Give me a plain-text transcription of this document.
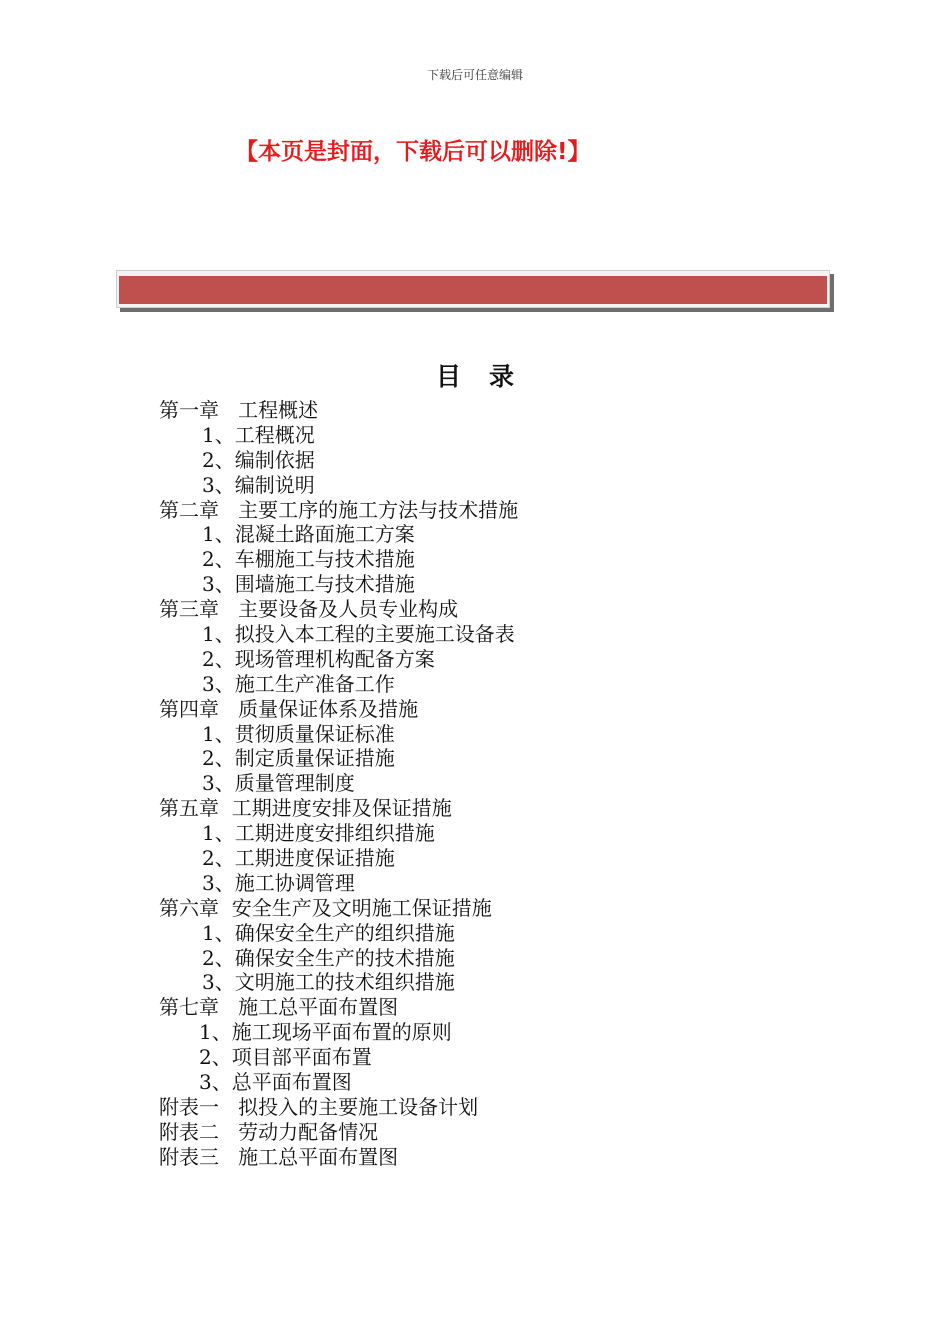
下载后可任意编辑
【本页是封面，下载后可以删除!】
目录
第一章   工程概述
1、工程概况
2、编制依据
3、编制说明
第二章   主要工序的施工方法与技术措施
1、混凝土路面施工方案
2、车棚施工与技术措施
3、围墙施工与技术措施
第三章   主要设备及人员专业构成
1、拟投入本工程的主要施工设备表
2、现场管理机构配备方案
3、施工生产准备工作
第四章   质量保证体系及措施
1、贯彻质量保证标准
2、制定质量保证措施
3、质量管理制度
第五章  工期进度安排及保证措施
1、工期进度安排组织措施
2、工期进度保证措施
3、施工协调管理
第六章  安全生产及文明施工保证措施
1、确保安全生产的组织措施
2、确保安全生产的技术措施
3、文明施工的技术组织措施
第七章   施工总平面布置图
1、施工现场平面布置的原则
2、项目部平面布置
3、总平面布置图
附表一   拟投入的主要施工设备计划
附表二   劳动力配备情况
附表三   施工总平面布置图
